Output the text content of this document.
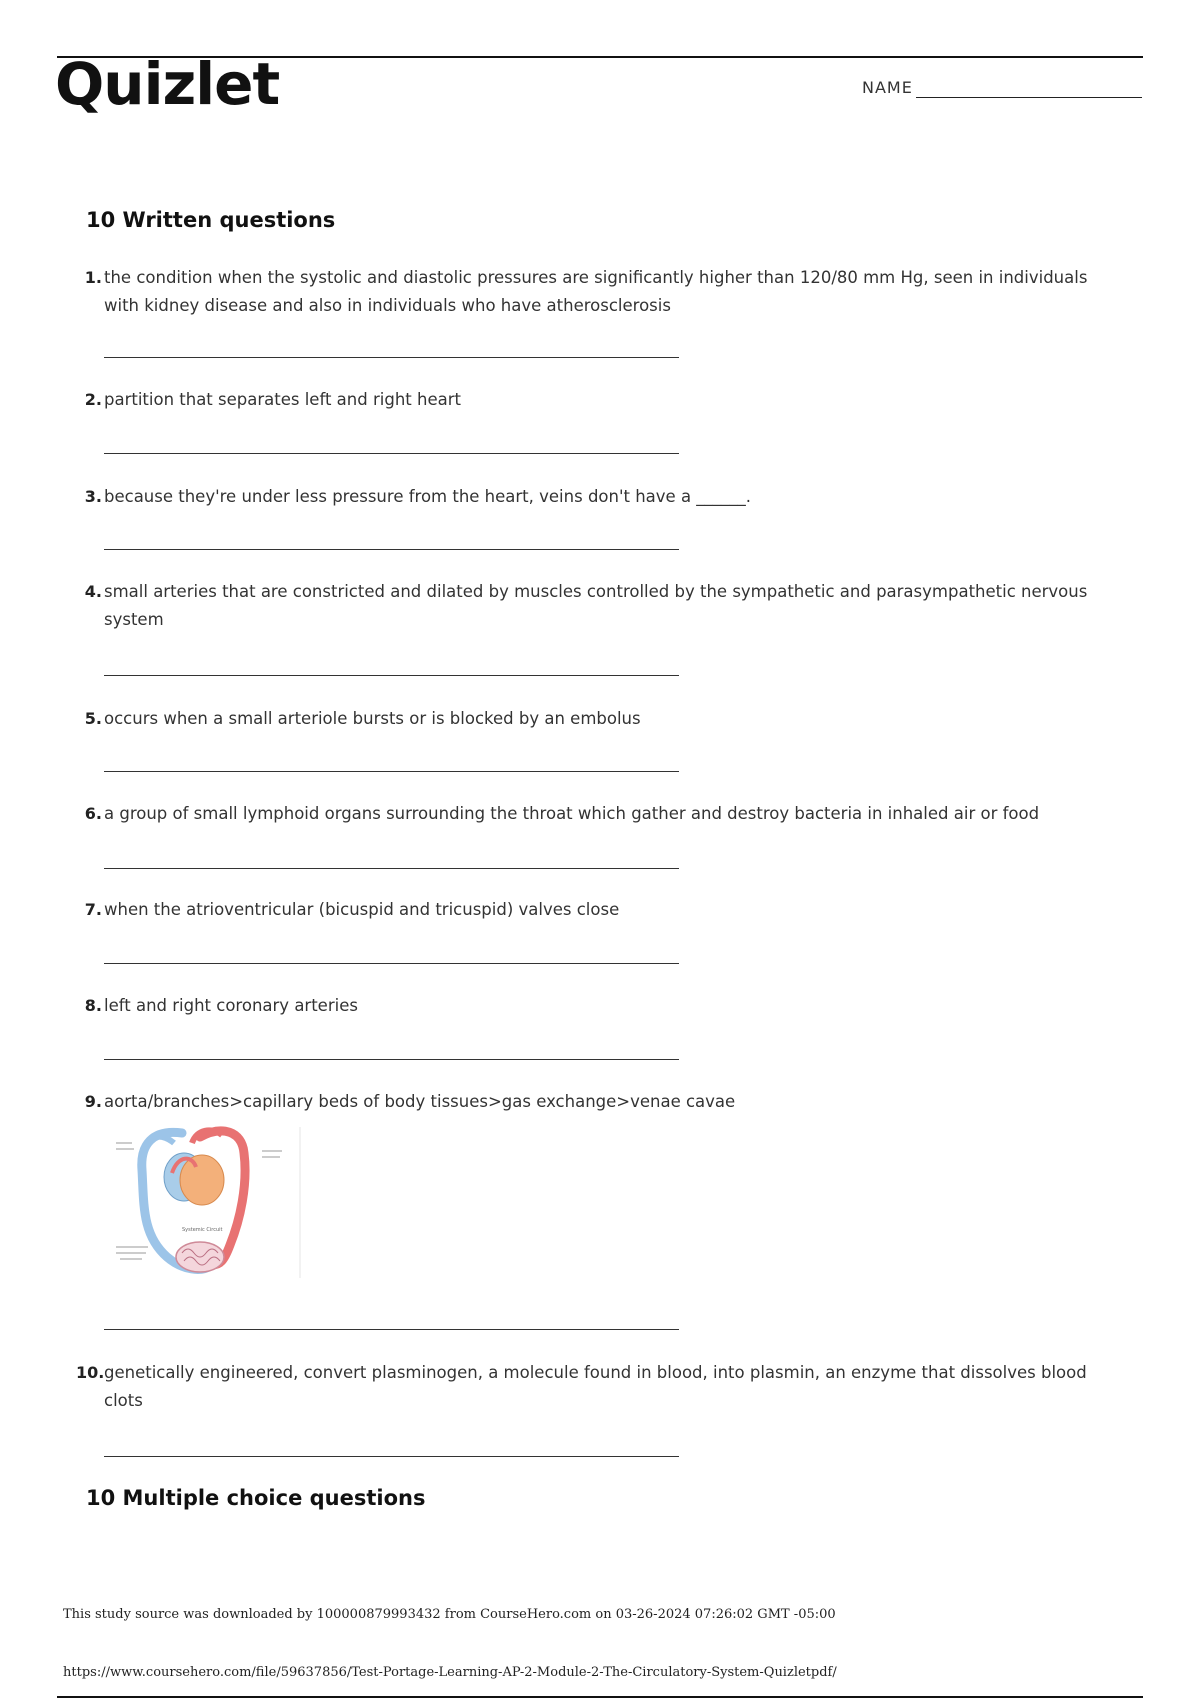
Quizlet	NAME
10 Written questions
1. the condition when the systolic and diastolic pressures are significantly higher than 120/80 mm Hg, seen in individuals with kidney disease and also in individuals who have atherosclerosis
2. partition that separates left and right heart
3. because they're under less pressure from the heart, veins don't have a ______.
4. small arteries that are constricted and dilated by muscles controlled by the sympathetic and parasympathetic nervous system
5. occurs when a small arteriole bursts or is blocked by an embolus
6. a group of small lymphoid organs surrounding the throat which gather and destroy bacteria in inhaled air or food
7. when the atrioventricular (bicuspid and tricuspid) valves close
8. left and right coronary arteries
9. aorta/branches>capillary beds of body tissues>gas exchange>venae cavae
Systemic Circuit
10. genetically engineered, convert plasminogen, a molecule found in blood, into plasmin, an enzyme that dissolves blood clots
10 Multiple choice questions
This study source was downloaded by 100000879993432 from CourseHero.com on 03-26-2024 07:26:02 GMT -05:00
https://www.coursehero.com/file/59637856/Test-Portage-Learning-AP-2-Module-2-The-Circulatory-System-Quizletpdf/
